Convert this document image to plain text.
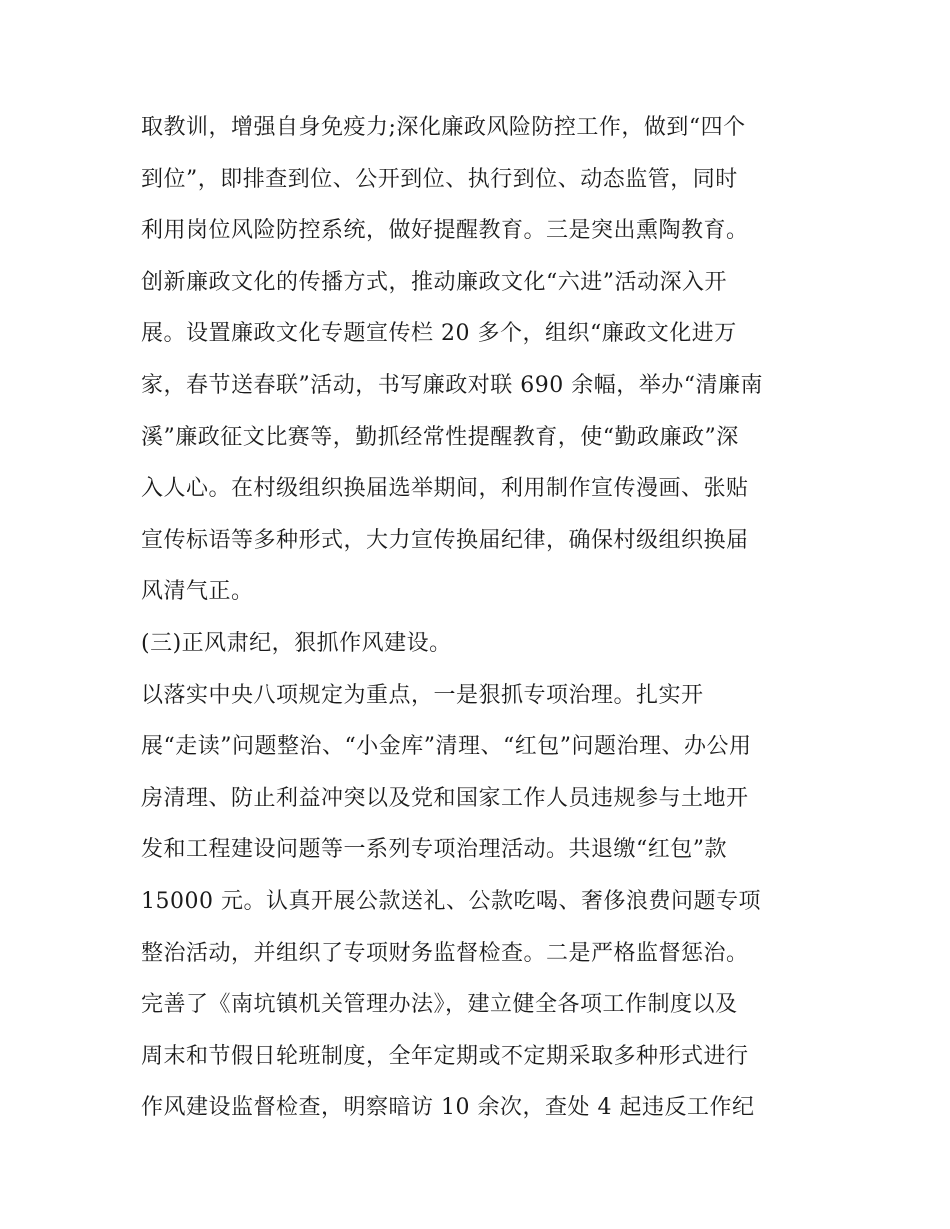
取教训，增强自身免疫力;深化廉政风险防控工作，做到“四个
到位”，即排查到位、公开到位、执行到位、动态监管，同时
利用岗位风险防控系统，做好提醒教育。三是突出熏陶教育。
创新廉政文化的传播方式，推动廉政文化“六进”活动深入开
展。设置廉政文化专题宣传栏 20 多个，组织“廉政文化进万
家，春节送春联”活动，书写廉政对联 690 余幅，举办“清廉南
溪”廉政征文比赛等，勤抓经常性提醒教育，使“勤政廉政”深
入人心。在村级组织换届选举期间，利用制作宣传漫画、张贴
宣传标语等多种形式，大力宣传换届纪律，确保村级组织换届
风清气正。
(三)正风肃纪，狠抓作风建设。
以落实中央八项规定为重点，一是狠抓专项治理。扎实开
展“走读”问题整治、“小金库”清理、“红包”问题治理、办公用
房清理、防止利益冲突以及党和国家工作人员违规参与土地开
发和工程建设问题等一系列专项治理活动。共退缴“红包”款
15000 元。认真开展公款送礼、公款吃喝、奢侈浪费问题专项
整治活动，并组织了专项财务监督检查。二是严格监督惩治。
完善了《南坑镇机关管理办法》，建立健全各项工作制度以及
周末和节假日轮班制度，全年定期或不定期采取多种形式进行
作风建设监督检查，明察暗访 10 余次，查处 4 起违反工作纪
